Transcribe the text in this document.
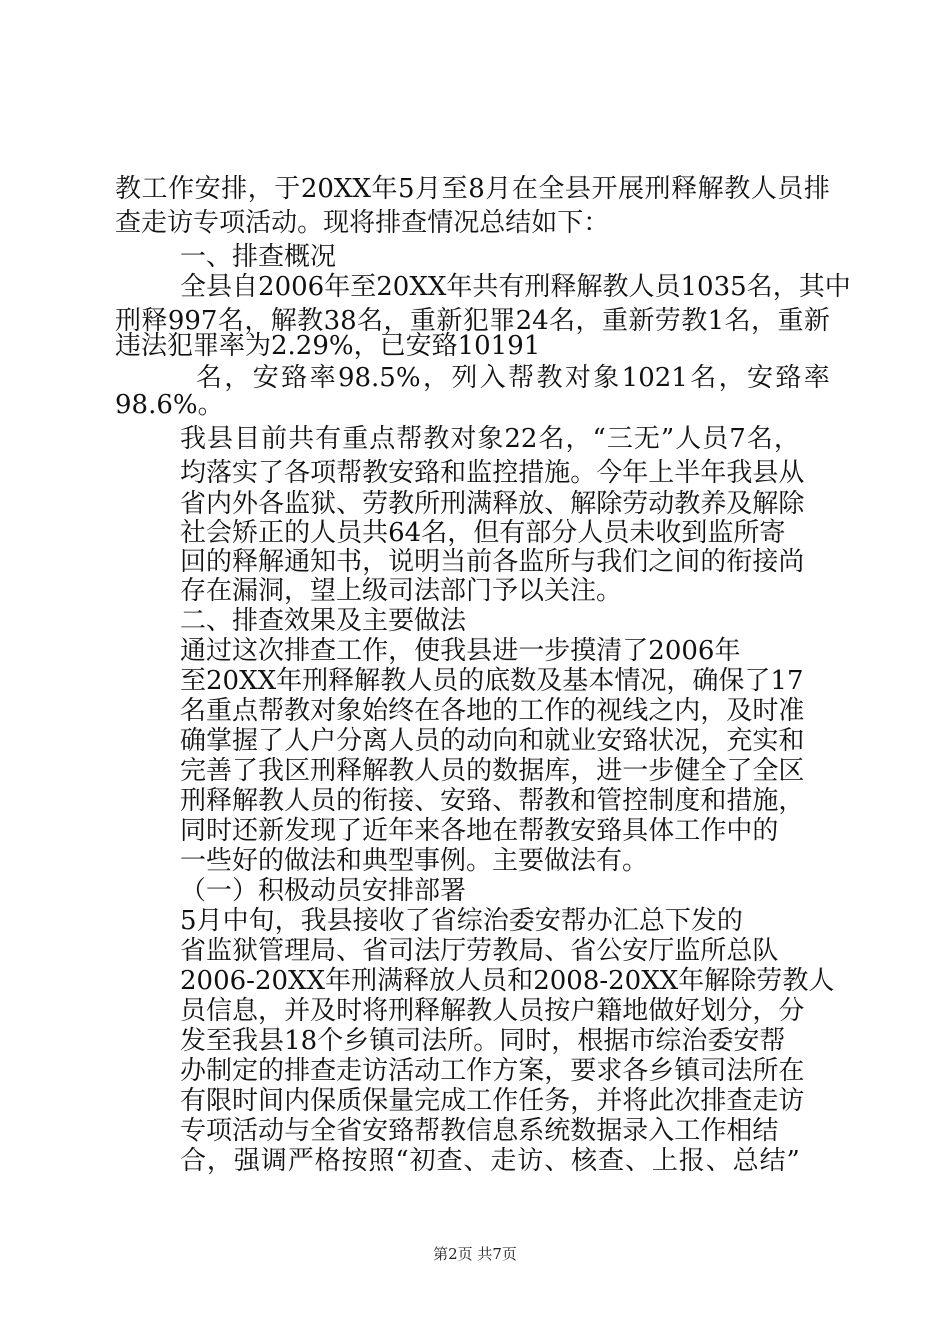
教 工 作 安 排 ， 于 20XX 年 5 月 至 8 月 在 全 县 开 展 刑 释 解 教 人 员 排
查 走 访 专 项 活 动 。 现 将 排 查 情 况 总 结 如 下 ：
一、排查概况
全 县 自 2006 年 至 20XX 年 共 有 刑 释 解 教 人 员 1035 名 ， 其 中
刑 释 997 名 ， 解 教 38 名 ， 重 新 犯 罪 24 名 ， 重 新 劳 教 1 名 ， 重 新
违法犯罪率为2.29%，已安臵10191
名 ， 安 臵 率 98.5% ， 列 入 帮 教 对 象 1021 名 ， 安 臵 率
98.6%。
我 县 目 前 共 有 重 点 帮 教 对 象 22 名 ， “ 三 无 ” 人 员 7 名 ，
均 落 实 了 各 项 帮 教 安 臵 和 监 控 措 施 。 今 年 上 半 年 我 县 从
省 内 外 各 监 狱 、 劳 教 所 刑 满 释 放 、 解 除 劳 动 教 养 及 解 除
社 会 矫 正 的 人 员 共 64 名 ， 但 有 部 分 人 员 未 收 到 监 所 寄
回 的 释 解 通 知 书 ， 说 明 当 前 各 监 所 与 我 们 之 间 的 衔 接 尚
存在漏洞，望上级司法部门予以关注。
二、排查效果及主要做法
通 过 这 次 排 查 工 作 ， 使 我 县 进 一 步 摸 清 了 2006 年
至 20XX 年 刑 释 解 教 人 员 的 底 数 及 基 本 情 况 ， 确 保 了 17
名 重 点 帮 教 对 象 始 终 在 各 地 的 工 作 的 视 线 之 内 ， 及 时 准
确 掌 握 了 人 户 分 离 人 员 的 动 向 和 就 业 安 臵 状 况 ， 充 实 和
完 善 了 我 区 刑 释 解 教 人 员 的 数 据 库 ， 进 一 步 健 全 了 全 区
刑 释 解 教 人 员 的 衔 接 、 安 臵 、 帮 教 和 管 控 制 度 和 措 施 ，
同 时 还 新 发 现 了 近 年 来 各 地 在 帮 教 安 臵 具 体 工 作 中 的
一些好的做法和典型事例。主要做法有。
（一）积极动员安排部署
5 月 中 旬 ， 我 县 接 收 了 省 综 治 委 安 帮 办 汇 总 下 发 的
省 监 狱 管 理 局 、 省 司 法 厅 劳 教 局 、 省 公 安 厅 监 所 总 队
2006-20XX 年 刑 满 释 放 人 员 和 2008-20XX 年 解 除 劳 教 人
员 信 息 ， 并 及 时 将 刑 释 解 教 人 员 按 户 籍 地 做 好 划 分 ， 分
发 至 我 县 18 个 乡 镇 司 法 所 。 同 时 ， 根 据 市 综 治 委 安 帮
办 制 定 的 排 查 走 访 活 动 工 作 方 案 ， 要 求 各 乡 镇 司 法 所 在
有 限 时 间 内 保 质 保 量 完 成 工 作 任 务 ， 并 将 此 次 排 查 走 访
专 项 活 动 与 全 省 安 臵 帮 教 信 息 系 统 数 据 录 入 工 作 相 结
合 ， 强 调 严 格 按 照 “ 初 查 、 走 访 、 核 查 、 上 报 、 总 结 ”
第2页 共7页
